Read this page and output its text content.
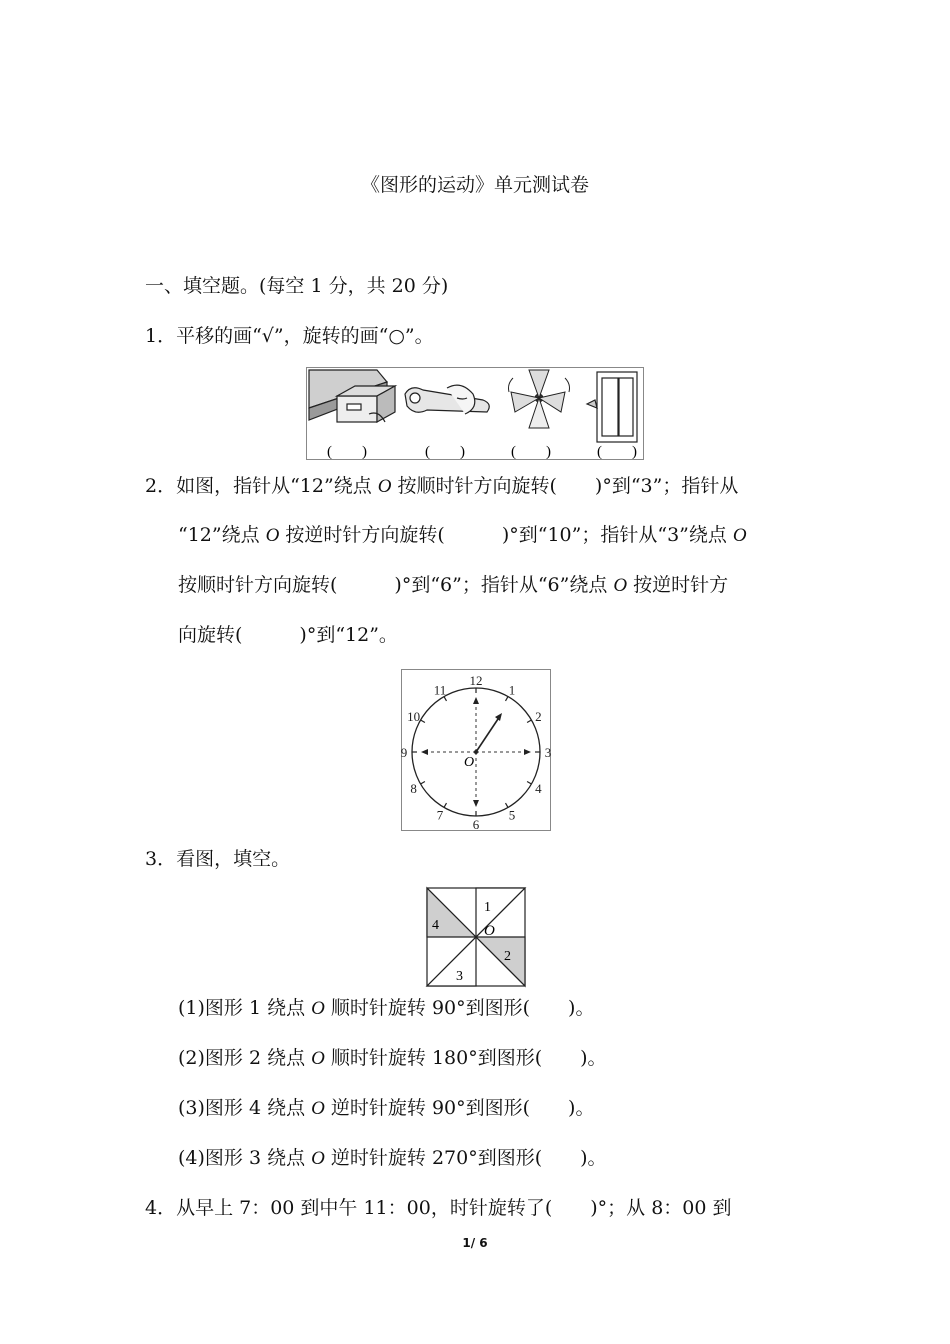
《图形的运动》单元测试卷
一、填空题。(每空 1 分，共 20 分)
1．平移的画“√”，旋转的画“○”。
(　　)	(　　)	(　　)	(　　)
2．如图，指针从“12”绕点 O 按顺时针方向旋转(　　)°到“3”；指针从
“12”绕点 O 按逆时针方向旋转(　　　)°到“10”；指针从“3”绕点 O
按顺时针方向旋转(　　　)°到“6”；指针从“6”绕点 O 按逆时针方
向旋转(　　　)°到“12”。
O
12
1
2
3
4
5
6
7
8
9
10
11
3．看图，填空。
1
2
3
4	O
(1)图形 1 绕点 O 顺时针旋转 90°到图形(　　)。
(2)图形 2 绕点 O 顺时针旋转 180°到图形(　　)。
(3)图形 4 绕点 O 逆时针旋转 90°到图形(　　)。
(4)图形 3 绕点 O 逆时针旋转 270°到图形(　　)。
4．从早上 7：00 到中午 11：00，时针旋转了(　　)°；从 8：00 到
1/ 6
